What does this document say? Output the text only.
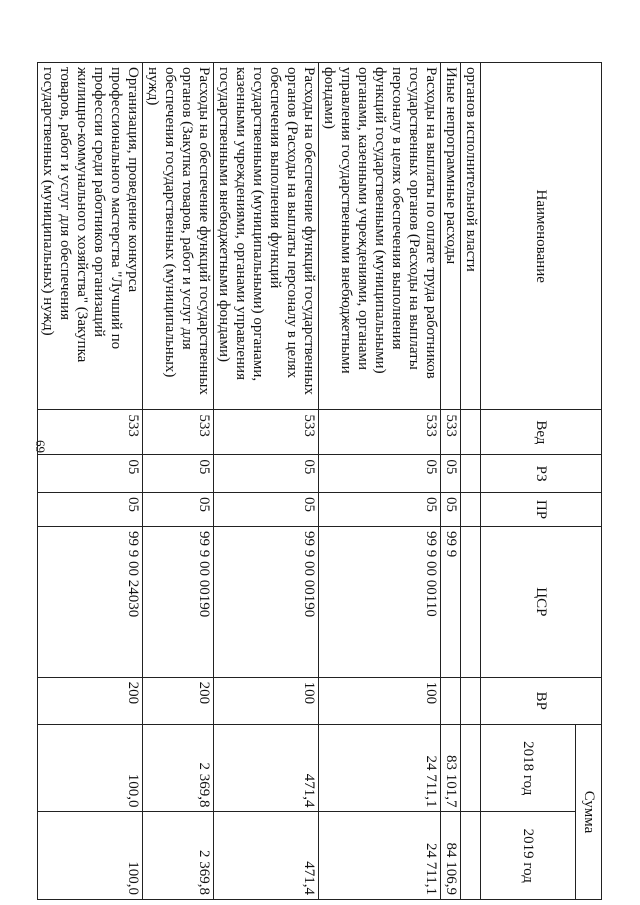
69
Наименование	Вед	РЗ	ПР	ЦСР	ВР	Сумма	
						2018 год	2019 год
органов исполнительной власти							
Иные непрограммные расходы	533	05	05	99 9		83 101,7	84 106,9
Расходы на выплаты по оплате труда работников государственных органов (Расходы на выплаты персоналу в целях обеспечения выполнения функций государственными (муниципальными) органами, казенными учреждениями, органами управления государственными внебюджетными фондами)	533	05	05	99 9 00 00110	100	24 711,1	24 711,1
Расходы на обеспечение функций государственных органов (Расходы на выплаты персоналу в целях обеспечения выполнения функций государственными (муниципальными) органами, казенными учреждениями, органами управления государственными внебюджетными фондами)	533	05	05	99 9 00 00190	100	471,4	471,4
Расходы на обеспечение функций государственных органов (Закупка товаров, работ и услуг для обеспечения государственных (муниципальных) нужд)	533	05	05	99 9 00 00190	200	2 369,8	2 369,8
Организация, проведение конкурса профессионального мастерства "Лучший по профессии среди работников организаций жилищно-коммунального хозяйства" (Закупка товаров, работ и услуг для обеспечения государственных (муниципальных) нужд)	533	05	05	99 9 00 24030	200	100,0	100,0
